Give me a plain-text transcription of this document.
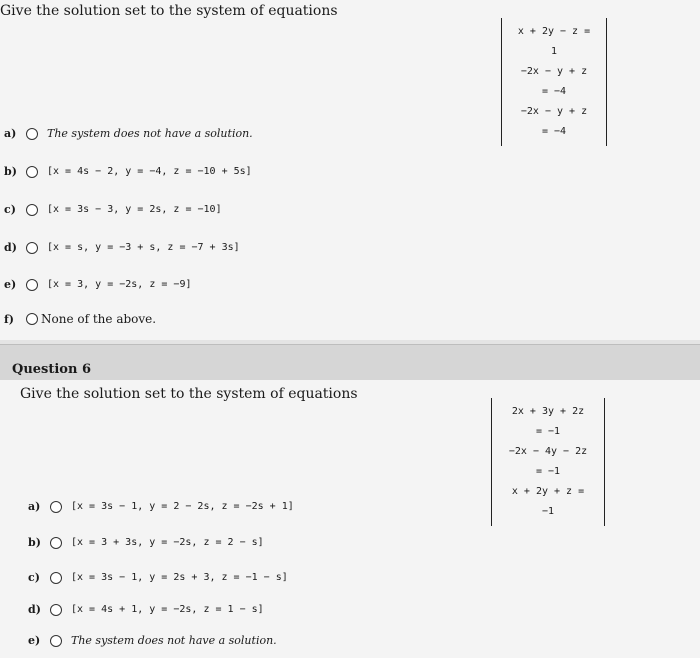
Give the solution set to the system of equations
x + 2y − z = 1
−2x − y + z = −4
−2x − y + z = −4
a)	The system does not have a solution.
b)	[x = 4s − 2, y = −4, z = −10 + 5s]
c)	[x = 3s − 3, y = 2s, z = −10]
d)	[x = s, y = −3 + s, z = −7 + 3s]
e)	[x = 3, y = −2s, z = −9]
f)	None of the above.
Question 6
Give the solution set to the system of equations
2x + 3y + 2z = −1
−2x − 4y − 2z = −1
x + 2y + z = −1
a)	[x = 3s − 1, y = 2 − 2s, z = −2s + 1]
b)	[x = 3 + 3s, y = −2s, z = 2 − s]
c)	[x = 3s − 1, y = 2s + 3, z = −1 − s]
d)	[x = 4s + 1, y = −2s, z = 1 − s]
e)	The system does not have a solution.
